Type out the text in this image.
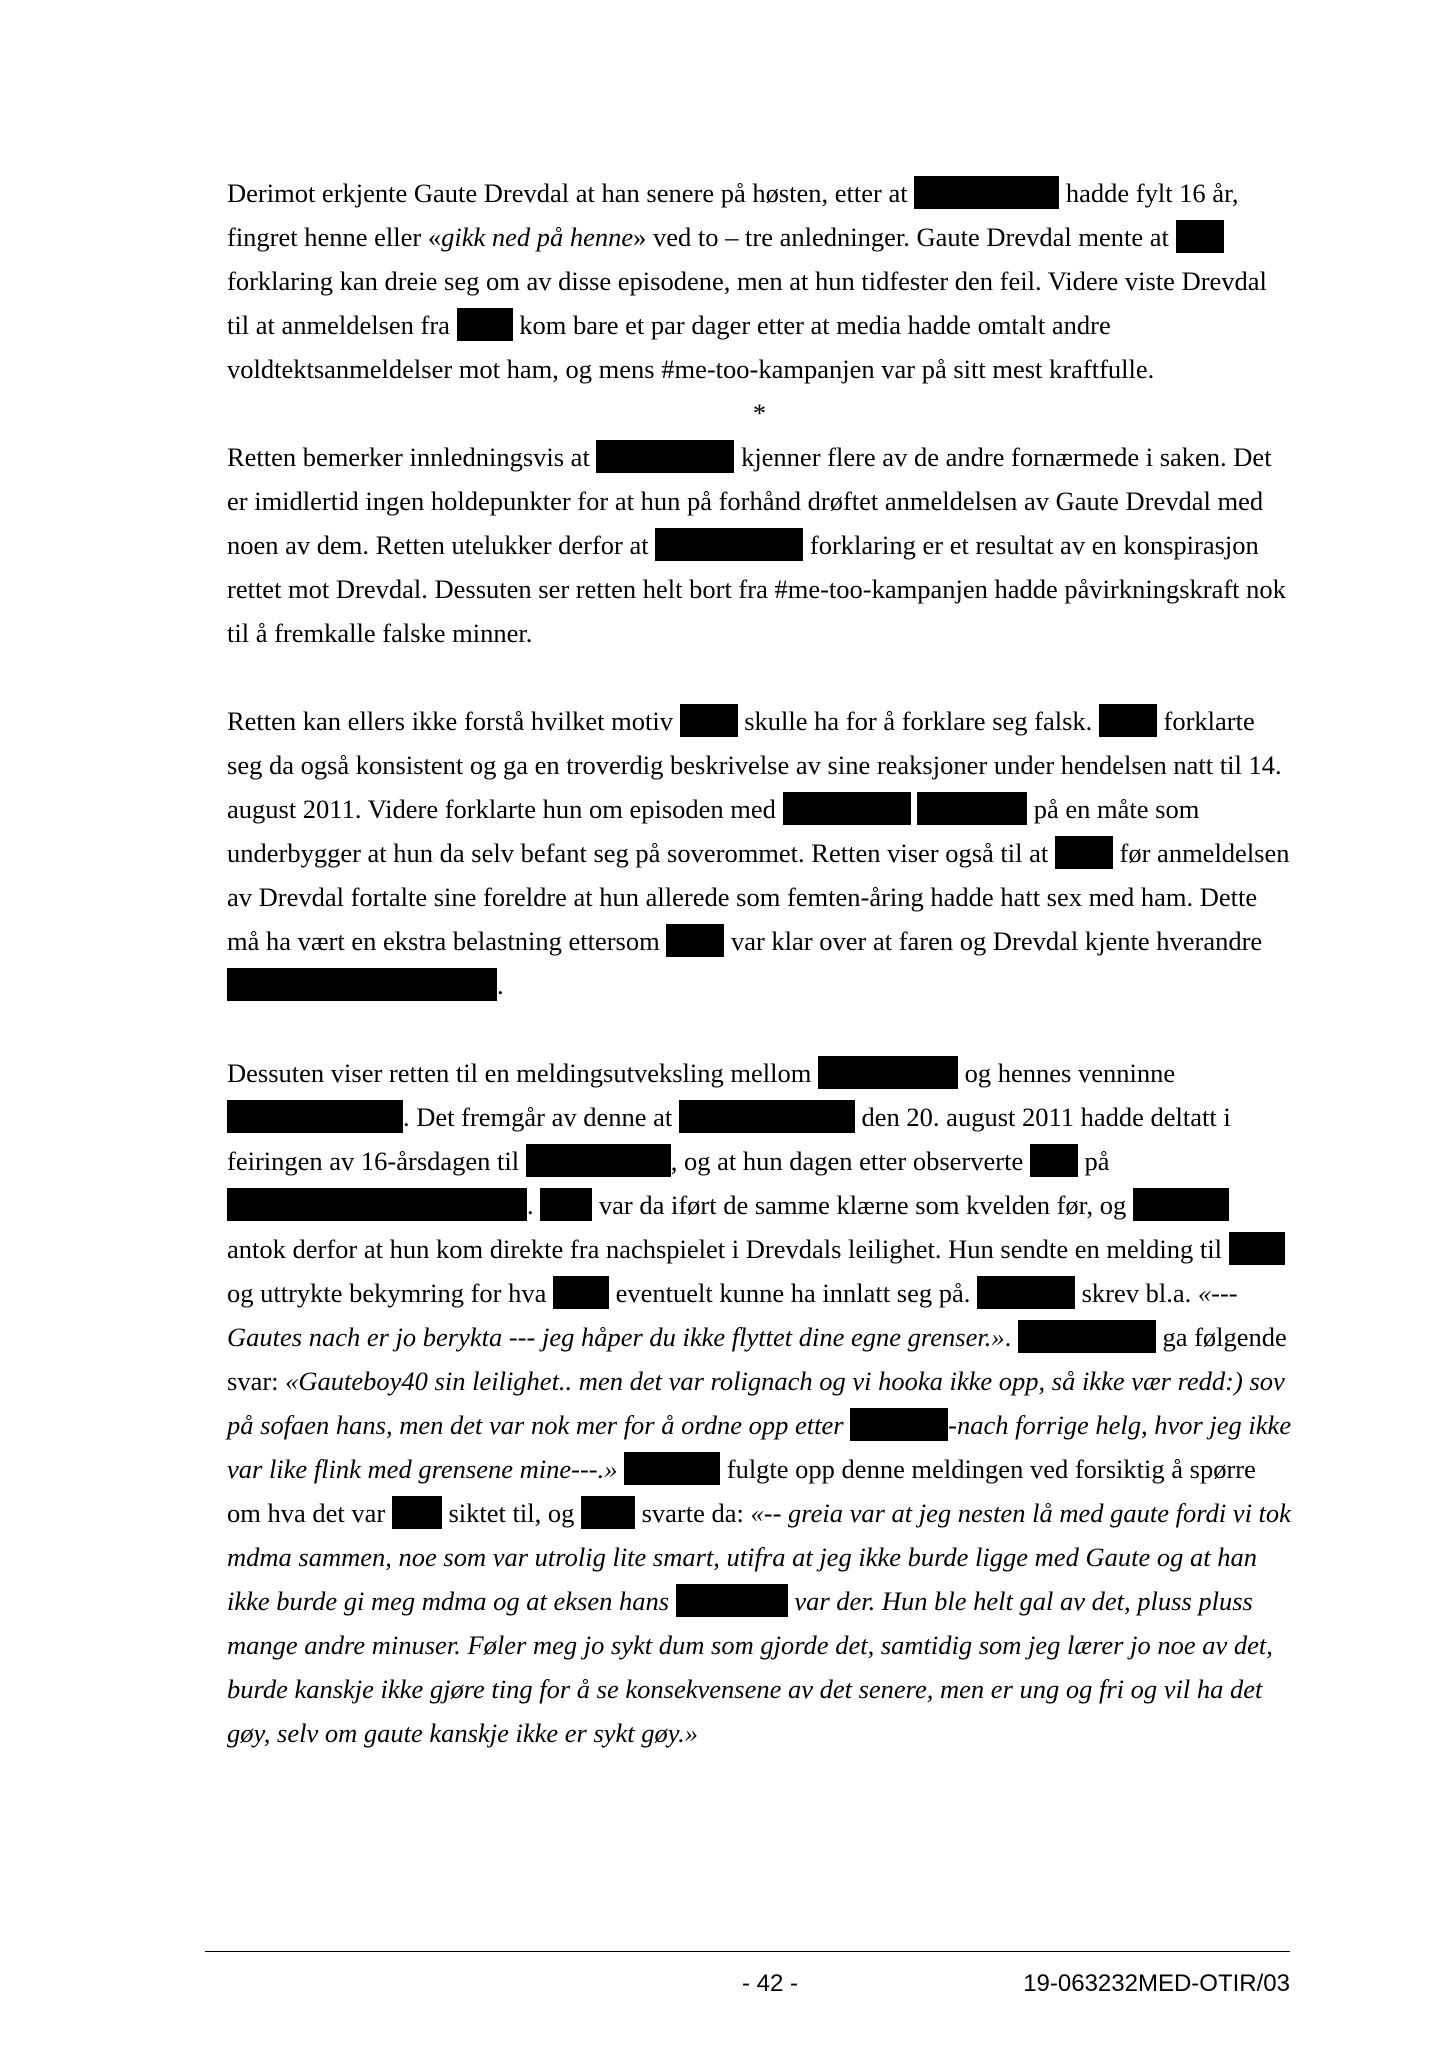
Derimot erkjente Gaute Drevdal at han senere på høsten, etter at	hadde fylt 16 år, fingret henne eller «gikk ned på henne» ved to – tre anledninger. Gaute Drevdal mente at  forklaring kan dreie seg om av disse episodene, men at hun tidfester den feil. Videre viste Drevdal til at anmeldelsen fra  kom bare et par dager etter at media hadde omtalt andre voldtektsanmeldelser mot ham, og mens #me-too-kampanjen var på sitt mest kraftfulle.

*

Retten bemerker innledningsvis at	kjenner flere av de andre fornærmede i saken. Det er imidlertid ingen holdepunkter for at hun på forhånd drøftet anmeldelsen av Gaute Drevdal med noen av dem. Retten utelukker derfor at	forklaring er et resultat av en konspirasjon rettet mot Drevdal. Dessuten ser retten helt bort fra #me-too-kampanjen hadde påvirkningskraft nok til å fremkalle falske minner.

Retten kan ellers ikke forstå hvilket motiv  skulle ha for å forklare seg falsk.  forklarte seg da også konsistent og ga en troverdig beskrivelse av sine reaksjoner under hendelsen natt til 14. august 2011. Videre forklarte hun om episoden med	på en måte som underbygger at hun da selv befant seg på soverommet. Retten viser også til at  før anmeldelsen av Drevdal fortalte sine foreldre at hun allerede som femten-åring hadde hatt sex med ham. Dette må ha vært en ekstra belastning ettersom  var klar over at faren og Drevdal kjente hverandre .

Dessuten viser retten til en meldingsutveksling mellom	og hennes venninne . Det fremgår av denne at	den 20. august 2011 hadde deltatt i feiringen av 16-årsdagen til	, og at hun dagen etter observerte  på .  var da iført de samme klærne som kvelden før, og  antok derfor at hun kom direkte fra nachspielet i Drevdals leilighet. Hun sendte en melding til  og uttrykte bekymring for hva  eventuelt kunne ha innlatt seg på.	skrev bl.a. «--- Gautes nach er jo berykta --- jeg håper du ikke flyttet dine egne grenser.».	ga følgende svar: «Gauteboy40 sin leilighet.. men det var rolignach og vi hooka ikke opp, så ikke vær redd:) sov på sofaen hans, men det var nok mer for å ordne opp etter	-nach forrige helg, hvor jeg ikke var like flink med grensene mine---.»	fulgte opp denne meldingen ved forsiktig å spørre om hva det var  siktet til, og  svarte da: «-- greia var at jeg nesten lå med gaute fordi vi tok mdma sammen, noe som var utrolig lite smart, utifra at jeg ikke burde ligge med Gaute og at han ikke burde gi meg mdma og at eksen hans	var der. Hun ble helt gal av det, pluss pluss mange andre minuser. Føler meg jo sykt dum som gjorde det, samtidig som jeg lærer jo noe av det, burde kanskje ikke gjøre ting for å se konsekvensene av det senere, men er ung og fri og vil ha det gøy, selv om gaute kanskje ikke er sykt gøy.»

- 42 -	19-063232MED-OTIR/03
